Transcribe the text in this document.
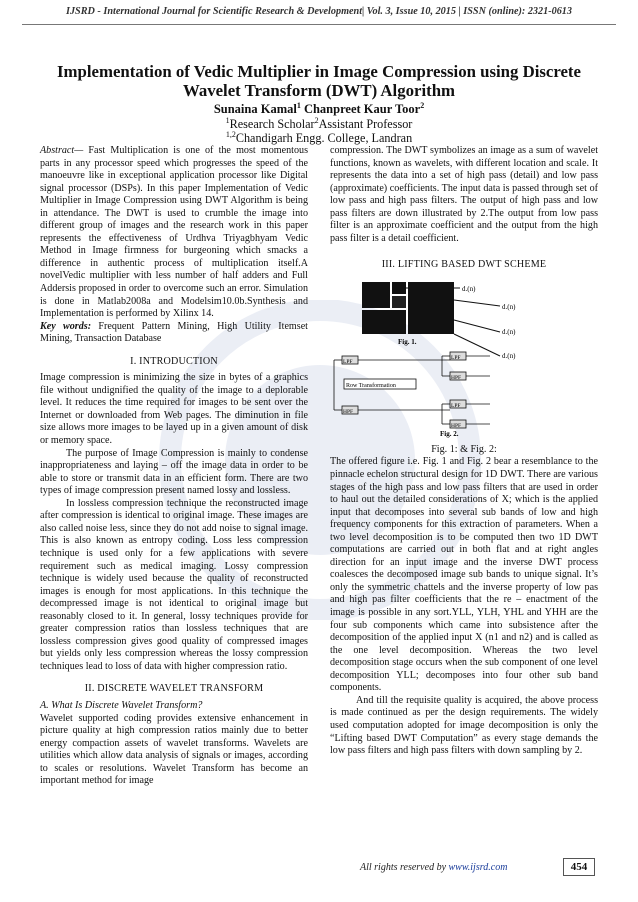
IJSRD - International Journal for Scientific Research & Development| Vol. 3, Issue 10, 2015 | ISSN (online): 2321-0613
Implementation of Vedic Multiplier in Image Compression using Discrete
Wavelet Transform (DWT) Algorithm
Sunaina Kamal$^1$ Chanpreet Kaur Toor$^2$
$^1$Research Scholar$^2$Assistant Professor
$^{1,2}$Chandigarh Engg. College, Landran

Abstract— Fast Multiplication is one of the most momentous parts in any processor speed which progresses the speed of the manoeuvre like in exceptional application processor like Digital signal processor (DSPs). In this paper Implementation of Vedic Multiplier in Image Compression using DWT Algorithm is being in attendance. The DWT is used to crumble the image into different group of images and the research work in this paper represents the effectiveness of Urdhva Triyagbhyam Vedic Method in Image firmness for burgeoning which smacks a difference in authentic process of multiplication itself.A novelVedic multiplier with less number of half adders and Full Addersis proposed in order to overcome such an error. Simulation is done in Matlab2008a and Modelsim10.0b.Synthesis and Implementation is performed by Xilinx 14.

Key words: Frequent Pattern Mining, High Utility Itemset Mining, Transaction Database

I. INTRODUCTION

Image compression is minimizing the size in bytes of a graphics file without undignified the quality of the image to a deplorable level. It reduces the time required for images to be sent over the Internet or downloaded from Web pages. The diminution in file size allows more images to be layed up in a given amount of disk or memory space.

The purpose of Image Compression is mainly to condense inappropriateness and laying – off the image data in order to be able to store or transmit data in an efficient form. There are two types of image compression present named lossy and lossless.

In lossless compression technique the reconstructed image after compression is identical to original image. These images are also called noise less, since they do not add noise to signal image. This is also known as entropy coding. Loss less compression technique is used only for a few applications with severe requirement such as medical imaging. Lossy compression technique is widely used because the quality of reconstructed images is enough for most applications. In this technique the decompressed image is not identical to original image but reasonably closed to it. In general, lossy techniques provide for greater compression ratios than lossless techniques that are lossless compression gives good quality of compressed images but yields only less compression whereas the lossy compression techniques lead to loss of data with higher compression ratio.

II. DISCRETE WAVELET TRANSFORM

A. What Is Discrete Wavelet Transform?

Wavelet supported coding provides extensive enhancement in picture quality at high compression ratios mainly due to better energy compaction assets of wavelet transforms. Wavelets are utilities which allow data analysis of signals or images, according to scales or resolutions. Wavelet Transform has become an important method for image

compression. The DWT symbolizes an image as a sum of wavelet functions, known as wavelets, with different location and scale. It represents the data into a set of high pass (detail) and low pass (approximate) coefficients. The input data is passed through set of low pass and high pass filters. The output of high pass and low pass filters are down illustrated by 2.The output from low pass filter is an approximate coefficient and the output from the high pass filter is a detail coefficient.

III. LIFTING BASED DWT SCHEME

d.(n)
d.(n)
d.(n)
d.(n)
Fig. 1.
LPF
HPF
Row Transformation
LPF
HPF
LPF
HPF
Fig. 2.

Fig. 1: & Fig. 2:

The offered figure i.e. Fig. 1 and Fig. 2 bear a resemblance to the pinnacle echelon structural design for 1D DWT. There are various stages of the high pass and low pass filters that are used in order to haul out the detailed considerations of X; which is the applied input that decomposes into several sub bands of low and high frequency components for this extraction of parameters. When a two level decomposition is to be computed then two 1D DWT computations are carried out in both flat and at right angles direction for an input image and the inverse DWT process coalesces the decomposed image sub bands to unique signal. It’s only the symmetric chattels and the inverse property of low pas and high pas filter coefficients that the re – enactment of the image is possible in any sort.YLL, YLH, YHL and YHH are the four sub components which came into subsistence after the decomposition of the applied input X (n1 and n2) and is called as the one level decomposition. Whereas the two level decomposition stage occurs when the sub component of one level decomposition YLL; decomposes into four other sub band components.

And till the requisite quality is acquired, the above process is made continued as per the design requirements. The widely used computation adopted for image decomposition is only the “Lifting based DWT Computation” as every stage demands the low pass filters and high pass filters with down sampling by 2.

All rights reserved by www.ijsrd.com	454
